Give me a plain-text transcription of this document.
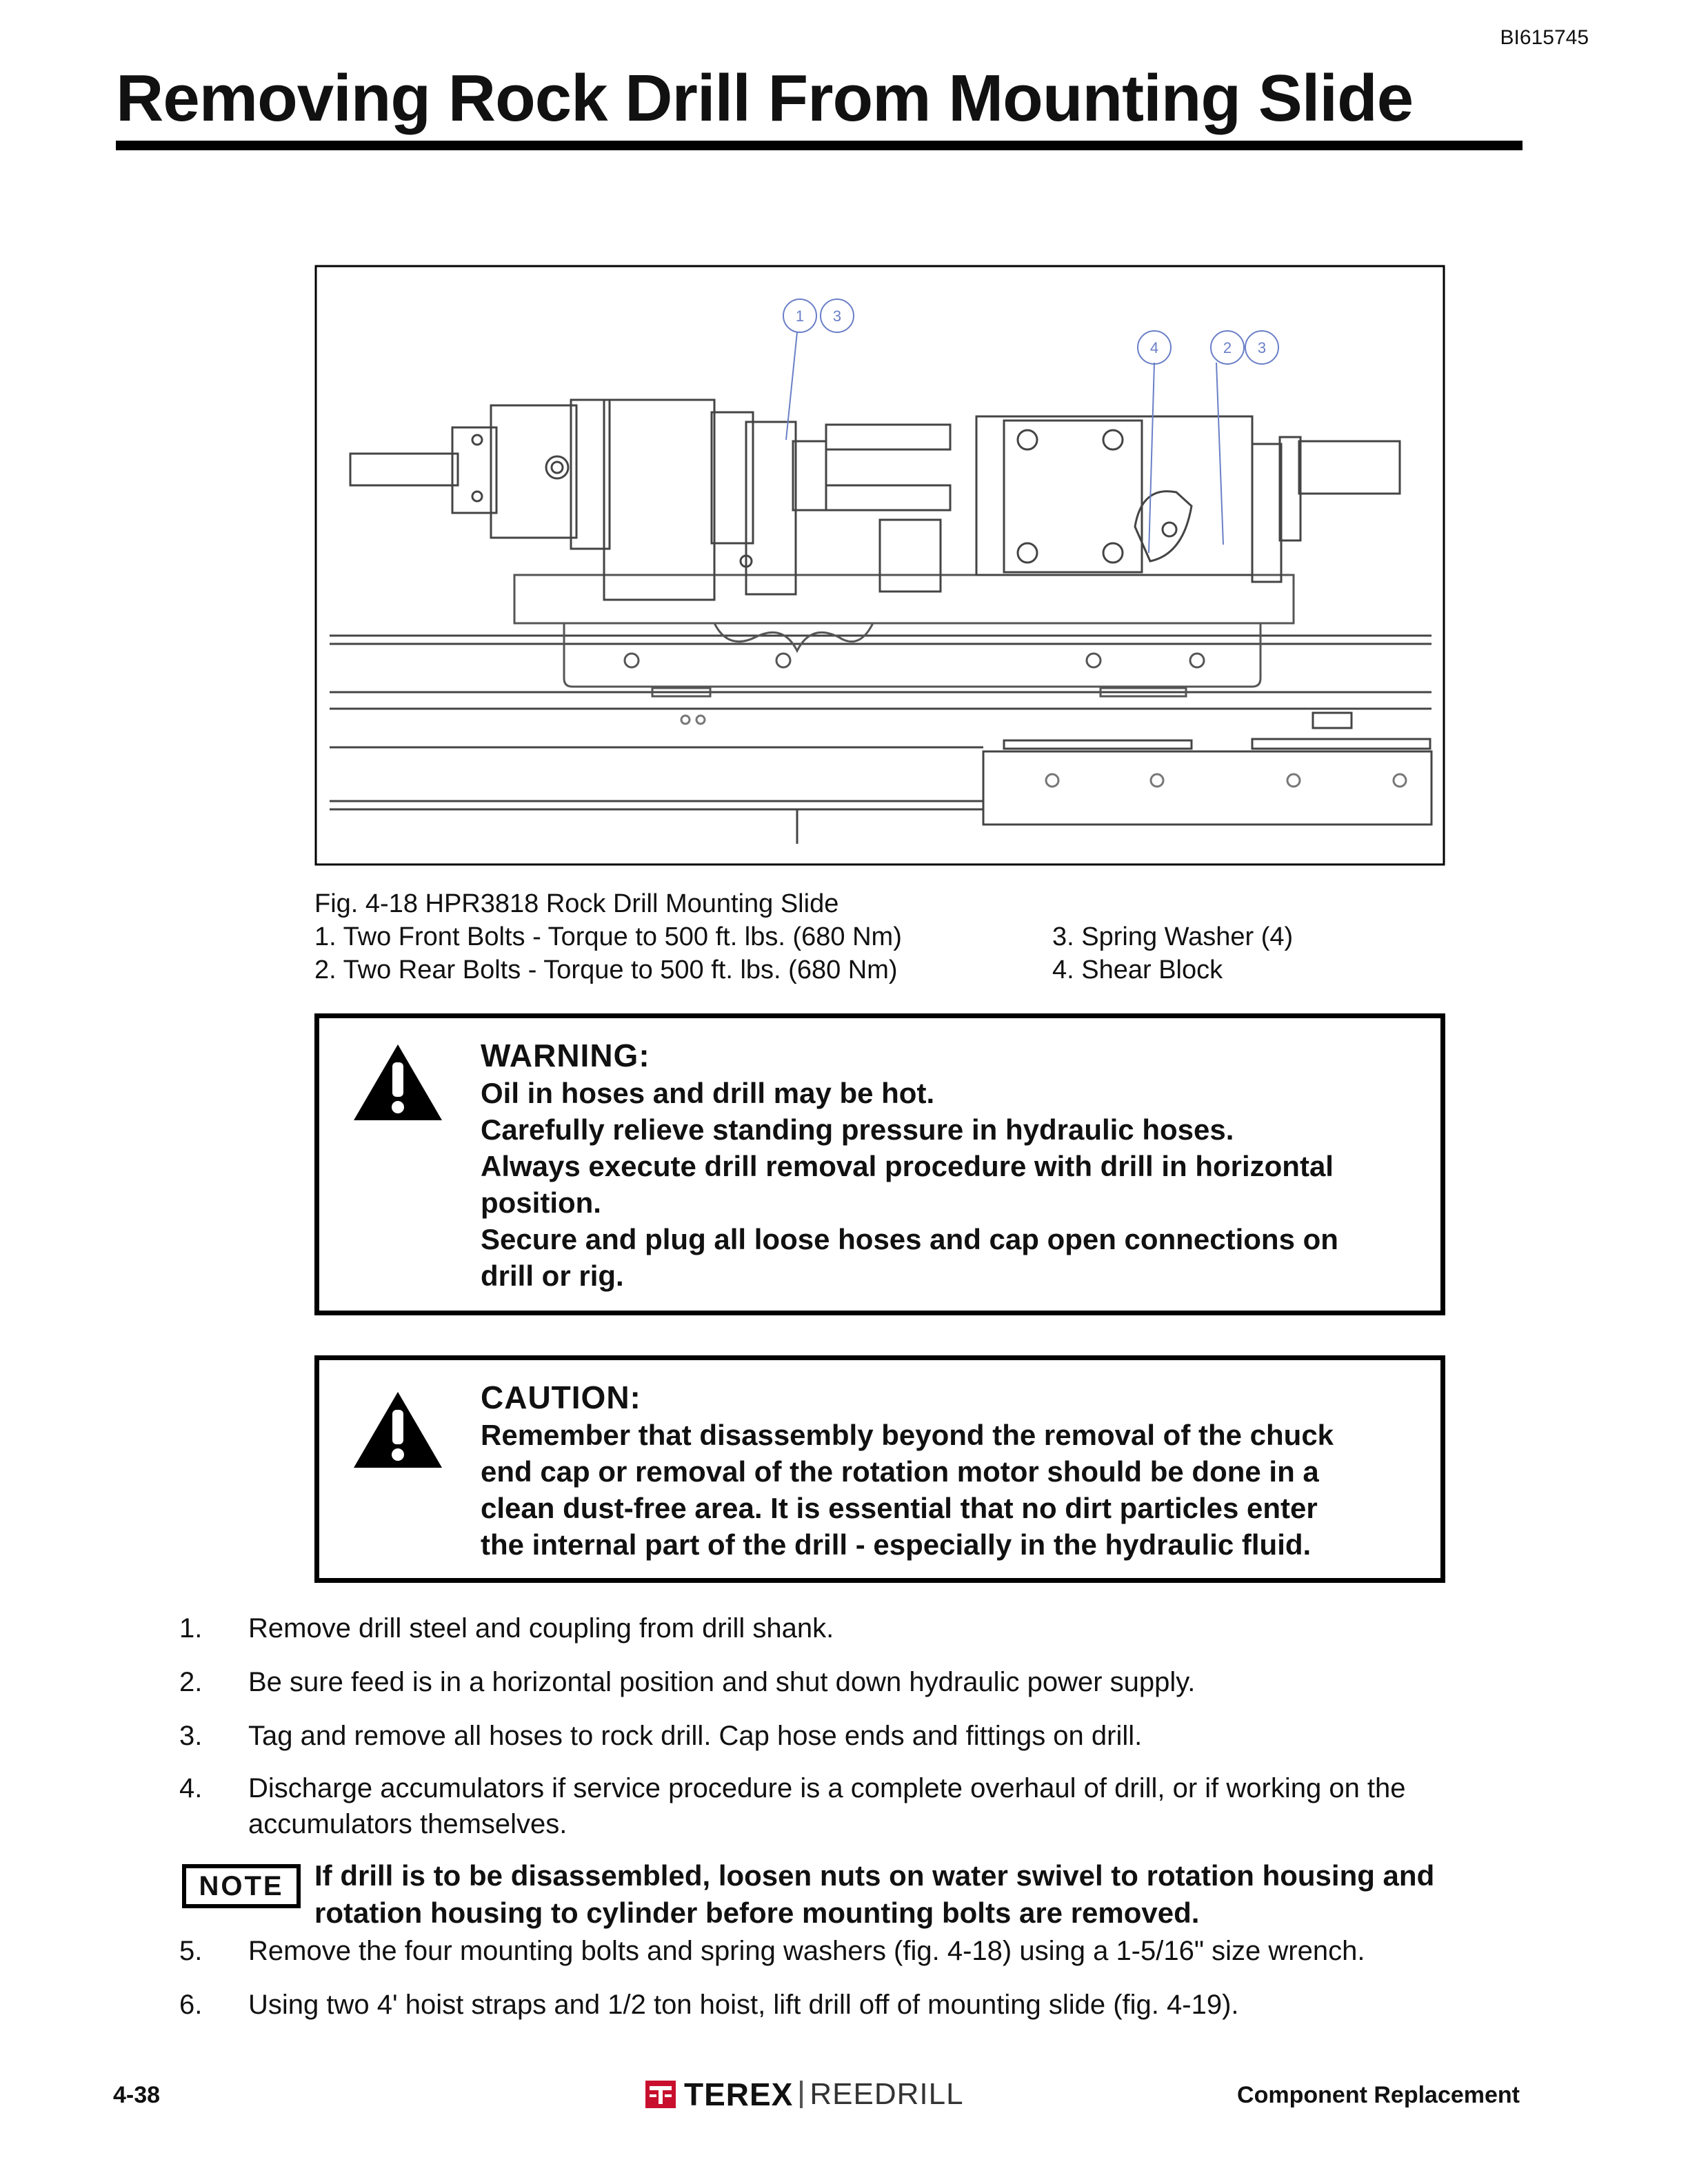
BI615745
Removing Rock Drill From Mounting Slide
1 3
4	2 3
Fig. 4-18 HPR3818 Rock Drill Mounting Slide
1. Two Front Bolts - Torque to 500 ft. lbs. (680 Nm)
2. Two Rear Bolts - Torque to 500 ft. lbs. (680 Nm)
3. Spring Washer (4)
4. Shear Block
WARNING:
Oil in hoses and drill may be hot.
Carefully relieve standing pressure in hydraulic hoses.
Always execute drill removal procedure with drill in horizontal
position.
Secure and plug all loose hoses and cap open connections on
drill or rig.
CAUTION:
Remember that disassembly beyond the removal of the chuck
end cap or removal of the rotation motor should be done in a
clean dust-free area. It is essential that no dirt particles enter
the internal part of the drill - especially in the hydraulic fluid.
1. Remove drill steel and coupling from drill shank.
2. Be sure feed is in a horizontal position and shut down hydraulic power supply.
3. Tag and remove all hoses to rock drill. Cap hose ends and fittings on drill.
4. Discharge accumulators if service procedure is a complete overhaul of drill, or if working on the accumulators themselves.
5. Remove the four mounting bolts and spring washers (fig. 4-18) using a 1-5/16" size wrench.
6. Using two 4' hoist straps and 1/2 ton hoist, lift drill off of mounting slide (fig. 4-19).
NOTE	If drill is to be disassembled, loosen nuts on water swivel to rotation housing and rotation housing to cylinder before mounting bolts are removed.
4-38	TEREX REEDRILL	Component Replacement
